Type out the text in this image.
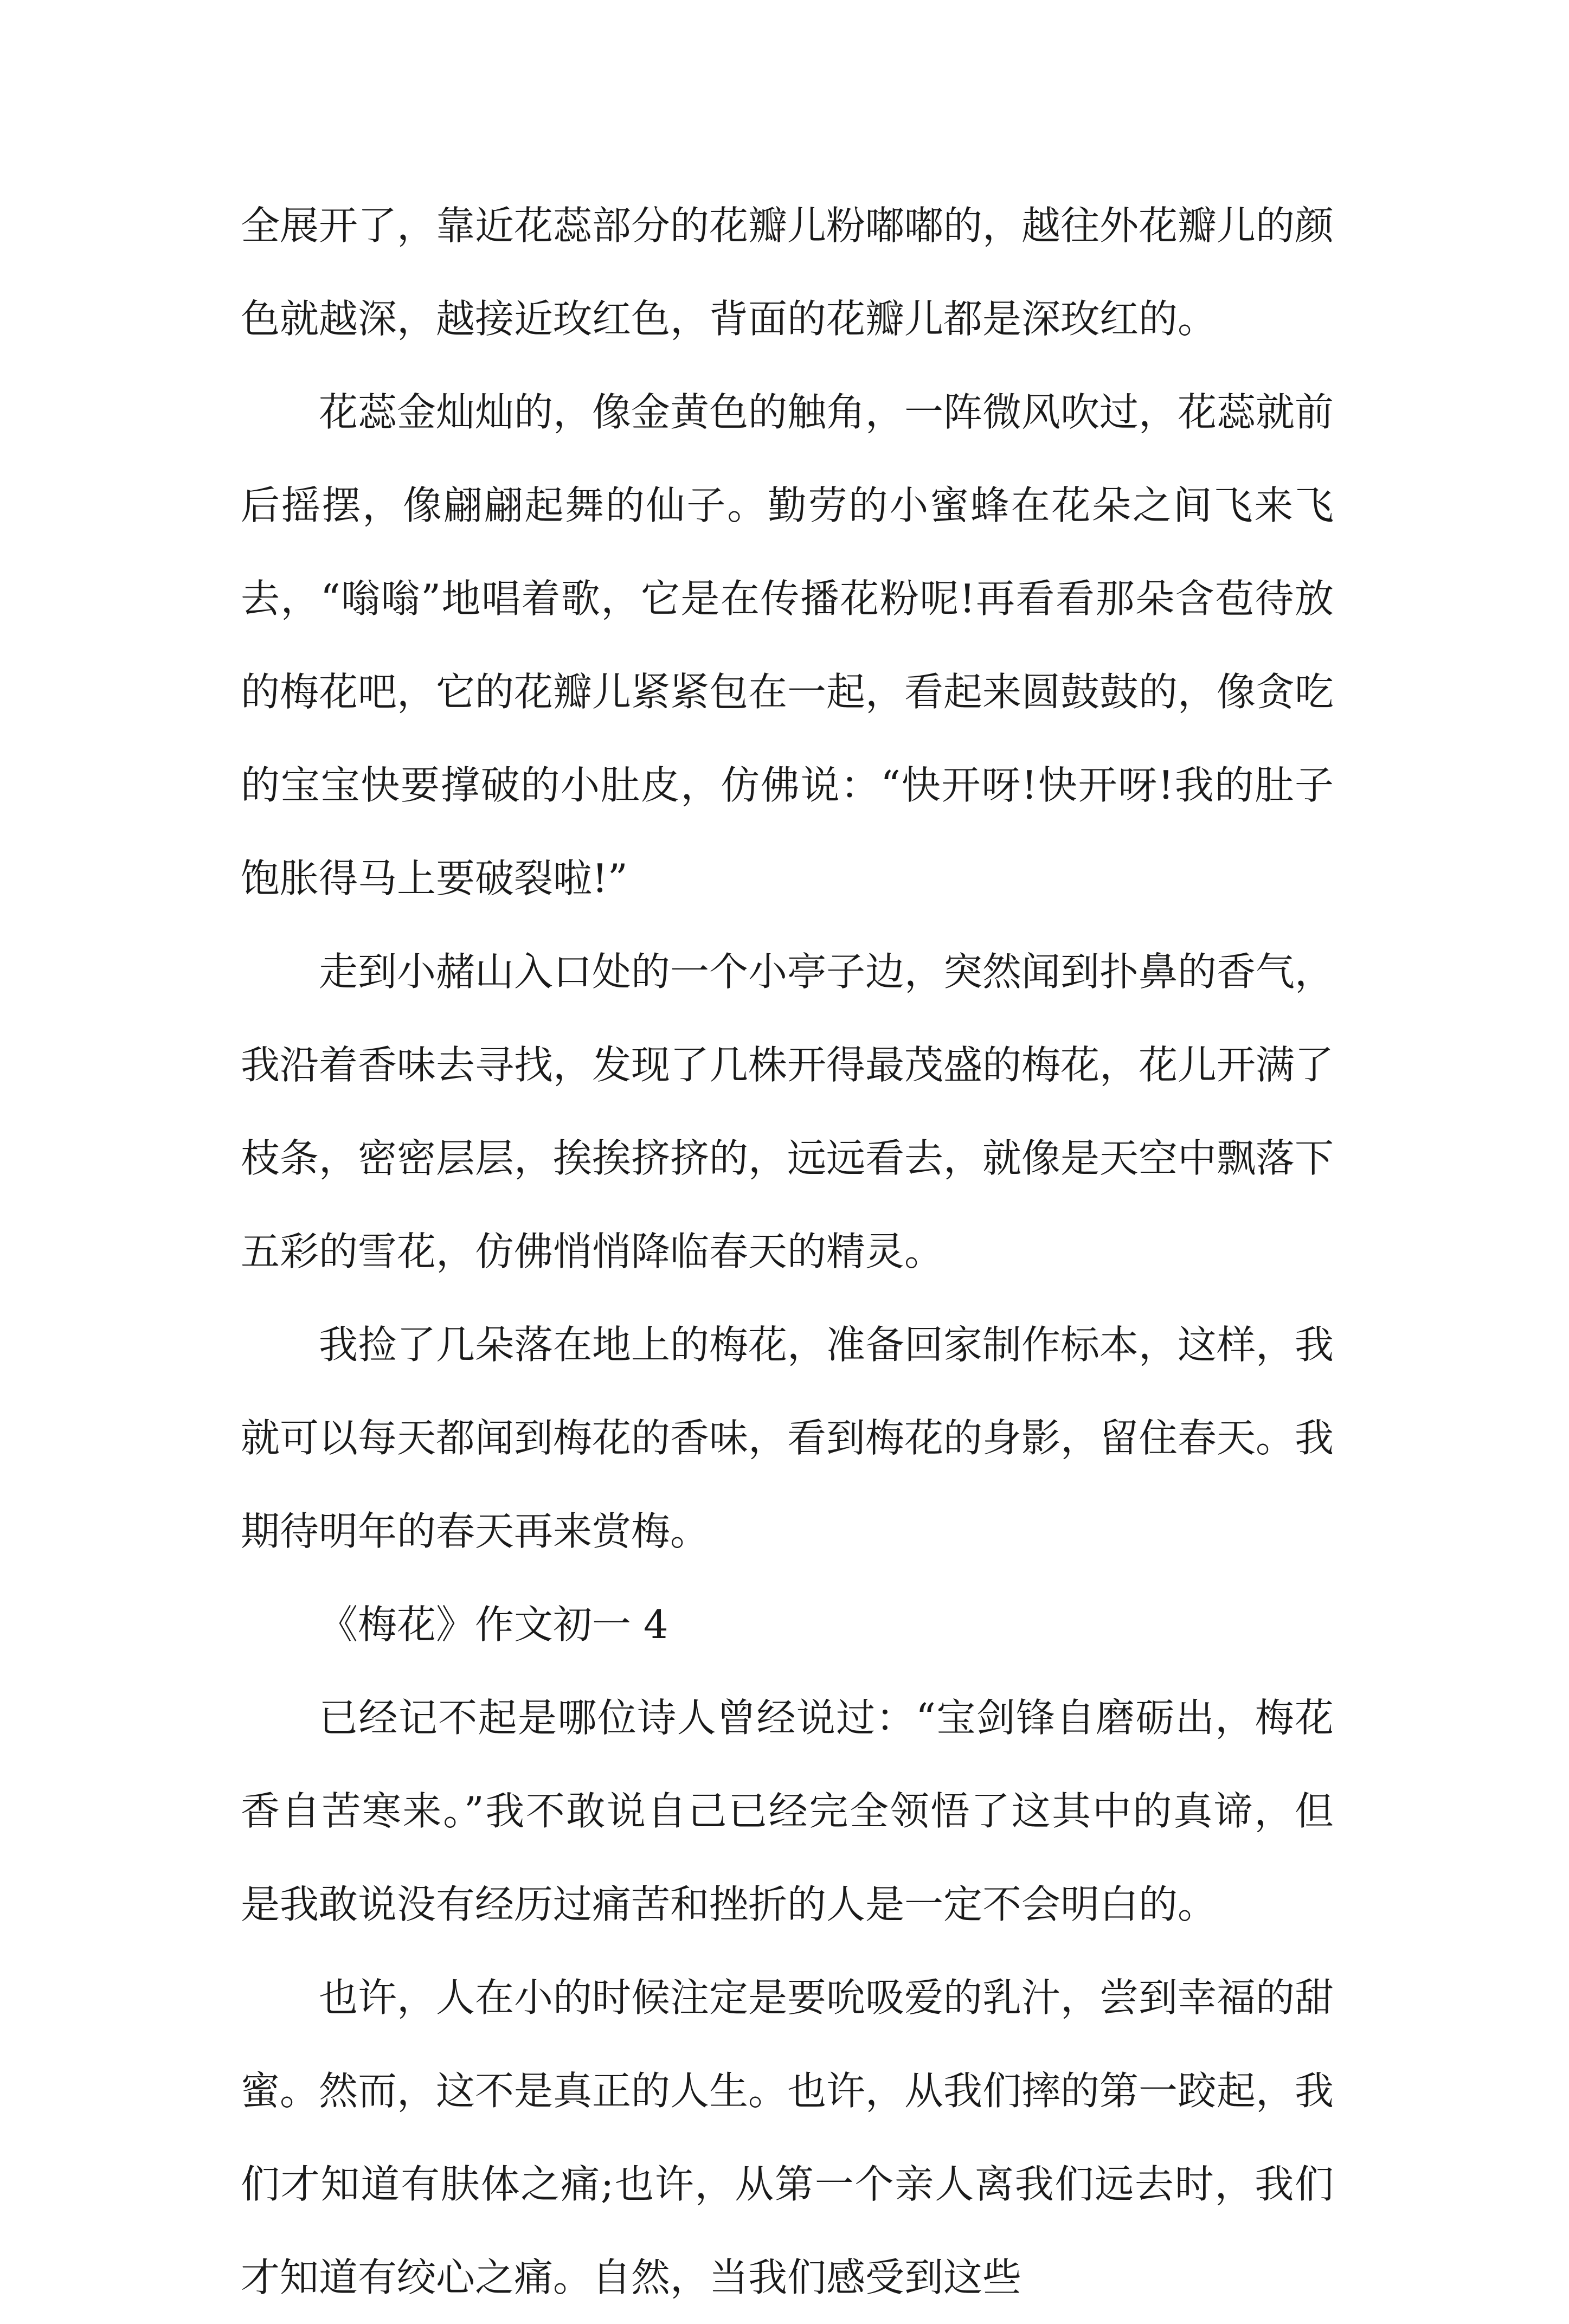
全展开了，靠近花蕊部分的花瓣儿粉嘟嘟的，越往外花瓣儿的颜色就越深，越接近玫红色，背面的花瓣儿都是深玫红的。

花蕊金灿灿的，像金黄色的触角，一阵微风吹过，花蕊就前后摇摆，像翩翩起舞的仙子。勤劳的小蜜蜂在花朵之间飞来飞去，“嗡嗡”地唱着歌，它是在传播花粉呢!再看看那朵含苞待放的梅花吧，它的花瓣儿紧紧包在一起，看起来圆鼓鼓的，像贪吃的宝宝快要撑破的小肚皮，仿佛说：“快开呀!快开呀!我的肚子饱胀得马上要破裂啦!”

走到小赭山入口处的一个小亭子边，突然闻到扑鼻的香气，我沿着香味去寻找，发现了几株开得最茂盛的梅花，花儿开满了枝条，密密层层，挨挨挤挤的，远远看去，就像是天空中飘落下五彩的雪花，仿佛悄悄降临春天的精灵。

我捡了几朵落在地上的梅花，准备回家制作标本，这样，我就可以每天都闻到梅花的香味，看到梅花的身影，留住春天。我期待明年的春天再来赏梅。

《梅花》作文初一 4

已经记不起是哪位诗人曾经说过：“宝剑锋自磨砺出，梅花香自苦寒来。”我不敢说自己已经完全领悟了这其中的真谛，但是我敢说没有经历过痛苦和挫折的人是一定不会明白的。

也许，人在小的时候注定是要吮吸爱的乳汁，尝到幸福的甜蜜。然而，这不是真正的人生。也许，从我们摔的第一跤起，我们才知道有肤体之痛;也许，从第一个亲人离我们远去时，我们才知道有绞心之痛。自然，当我们感受到这些
